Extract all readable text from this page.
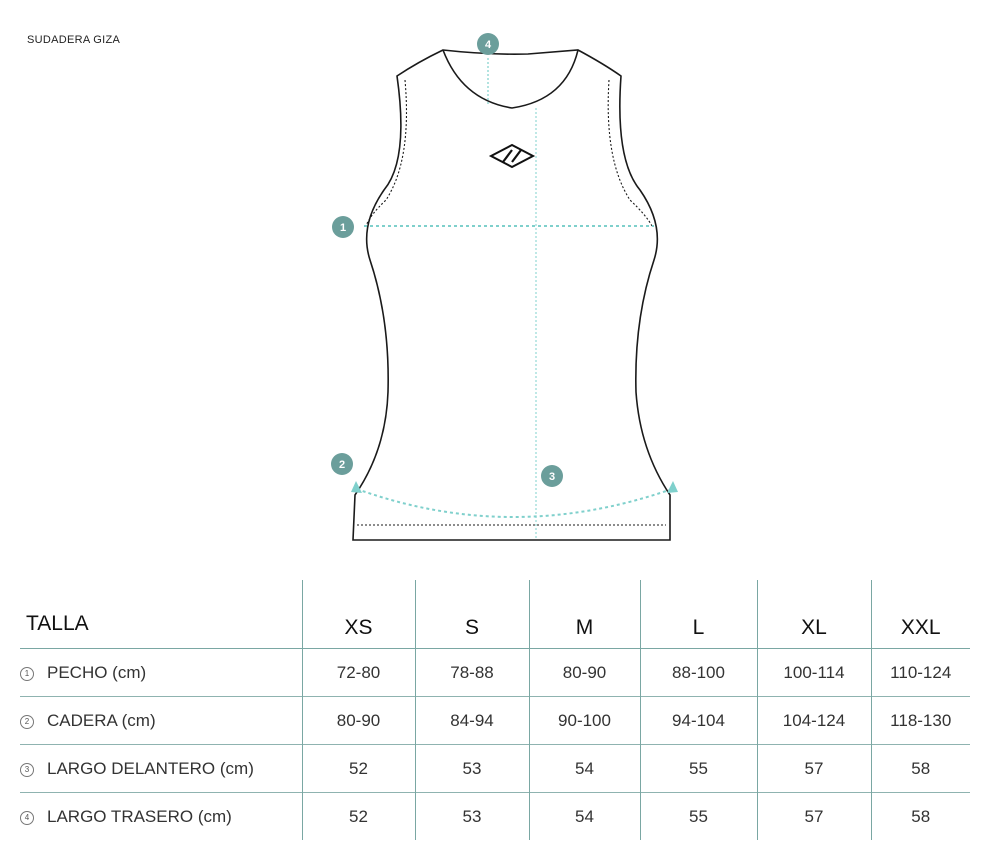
SUDADERA GIZA
1
2
3
4
TALLA	XS	S	M	L	XL	XXL
1 PECHO (cm)	72-80	78-88	80-90	88-100	100-114	110-124
2 CADERA (cm)	80-90	84-94	90-100	94-104	104-124	118-130
3 LARGO DELANTERO (cm)	52	53	54	55	57	58
4 LARGO TRASERO (cm)	52	53	54	55	57	58
